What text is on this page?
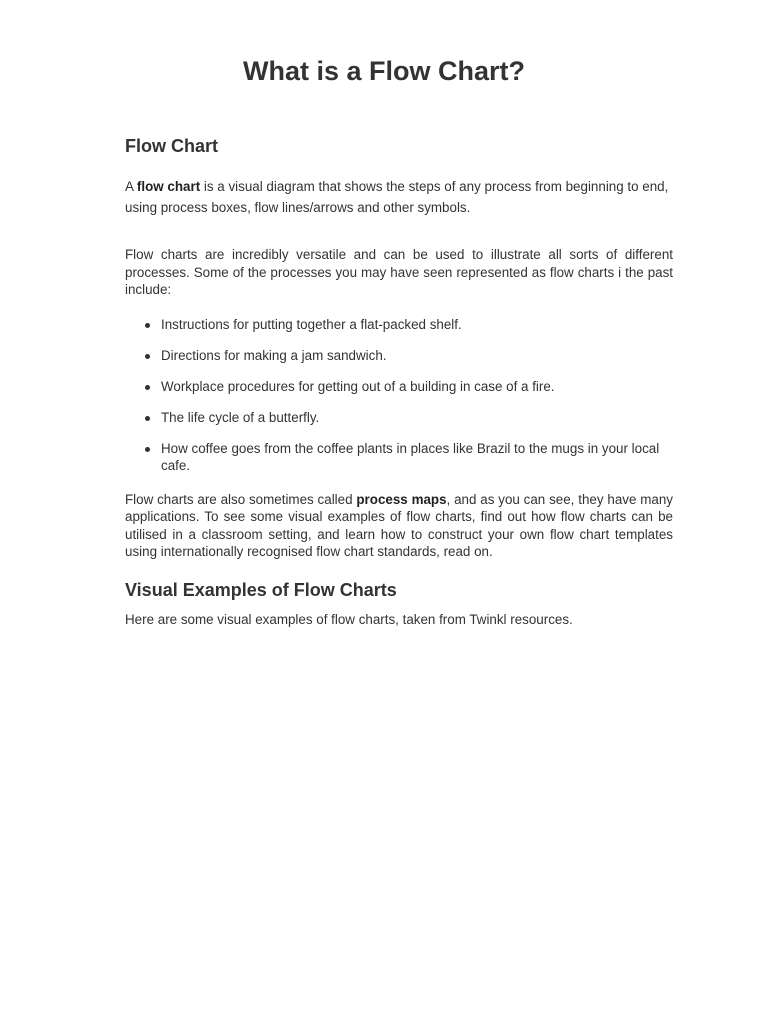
What is a Flow Chart?
Flow Chart

A flow chart is a visual diagram that shows the steps of any process from beginning to end, using process boxes, flow lines/arrows and other symbols.

Flow charts are incredibly versatile and can be used to illustrate all sorts of different processes. Some of the processes you may have seen represented as flow charts i the past include:

Instructions for putting together a flat-packed shelf.
Directions for making a jam sandwich.
Workplace procedures for getting out of a building in case of a fire.
The life cycle of a butterfly.
How coffee goes from the coffee plants in places like Brazil to the mugs in your local cafe.

Flow charts are also sometimes called process maps, and as you can see, they have many applications. To see some visual examples of flow charts, find out how flow charts can be utilised in a classroom setting, and learn how to construct your own flow chart templates using internationally recognised flow chart standards, read on.

Visual Examples of Flow Charts

Here are some visual examples of flow charts, taken from Twinkl resources.
